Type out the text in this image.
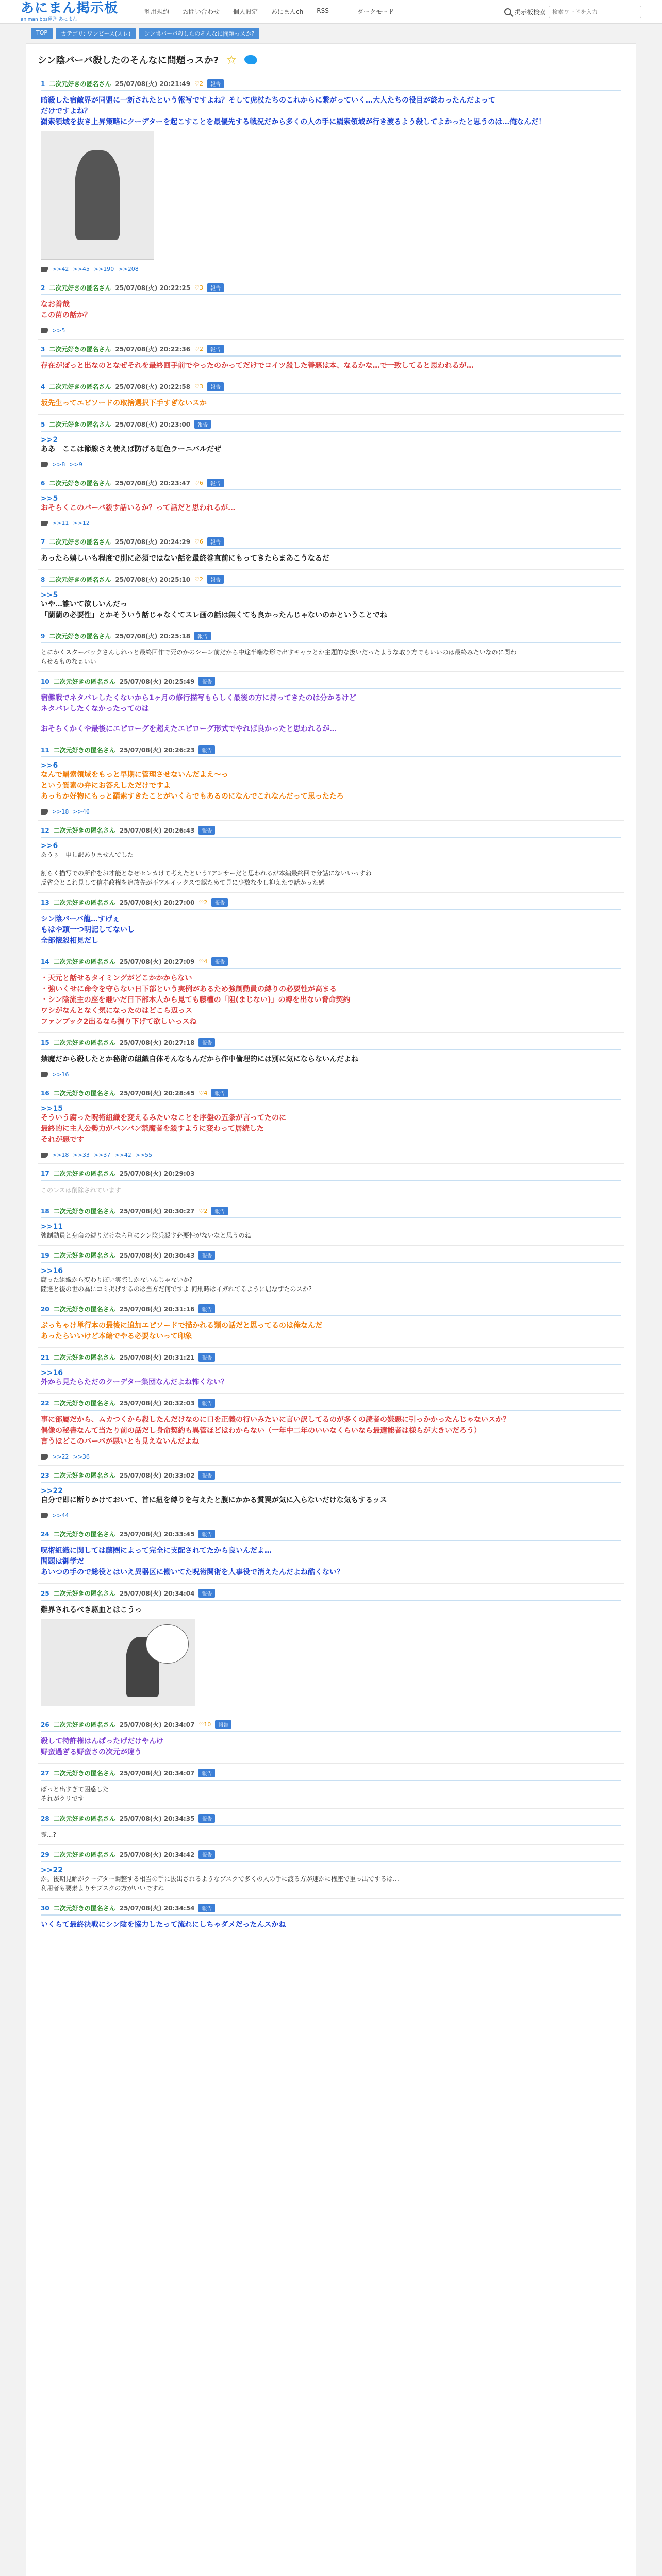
あにまん掲示板
animan bbs運営 あにまん
利用規約 お問い合わせ 個人設定 あにまんch RSS	ダークモード	掲示板検索
検索ワードを入力
TOP	カテゴリ: ワンピース(スレ)	シン陰バーバ殺したのそんなに問題っスか?
シン陰バーバ殺したのそんなに問題っスか? ☆
1 二次元好きの匿名さん 25/07/08(火) 20:21:49 ♡2	報告
暗殺した宿敵界が同盟に一新されたという報写ですよね？そして虎杖たちのこれからに繋がっていく…大人たちの役目が終わったんだよって
だけですよね？
羂索領域を抜き上昇策略にクーデターを起こすことを最優先する戦況だから多くの人の手に羂索領域が行き渡るよう殺してよかったと思うのは…俺なんだ！
>>42 >>45 >>190 >>208
2 二次元好きの匿名さん 25/07/08(火) 20:22:25 ♡3	報告
なお善哉
この苗の話か？
>>5
3 二次元好きの匿名さん 25/07/08(火) 20:22:36 ♡2	報告
存在がぽっと出なのとなぜそれを最終回手前でやったのかってだけでコイツ殺した善悪は本、なるかな…で一致してると思われるが…
4 二次元好きの匿名さん 25/07/08(火) 20:22:58 ♡3	報告
坂先生ってエピソードの取捨選択下手すぎないスか
5 二次元好きの匿名さん 25/07/08(火) 20:23:00	報告
>>2
ああ　ここは節線さえ使えば防げる虹色ラーニバルだぜ
>>8 >>9
6 二次元好きの匿名さん 25/07/08(火) 20:23:47 ♡6	報告
>>5
おそらくこのバーバ殺す話いるか？って話だと思われるが…
>>11 >>12
7 二次元好きの匿名さん 25/07/08(火) 20:24:29 ♡6	報告
あったら嬉しいも程度で別に必須ではない話を最終巻直前にもってきたらまあこうなるだ
8 二次元好きの匿名さん 25/07/08(火) 20:25:10 ♡2	報告
>>5
いや…誰いて欲しいんだっ
「蘭蘭の必要性」とかそういう話じゃなくてスレ画の話は無くても良かったんじゃないのかということでね
9 二次元好きの匿名さん 25/07/08(火) 20:25:18	報告
とにかくスターバックさんしれっと最終回作で死のかのシーン前だから中途半端な形で出すキャラとか主題的な扱いだったような取り方でもいいのは最終みたいなのに関わ
らせるものなぁいい
10 二次元好きの匿名さん 25/07/08(火) 20:25:49	報告
宿儺戦でネタバレしたくないから1ヶ月の修行描写もらしく最後の方に持ってきたのは分かるけど
ネタバレしたくなかったってのは
おそらくかくや最後にエピローグを超えたエピローグ形式でやれば良かったと思われるが…
11 二次元好きの匿名さん 25/07/08(火) 20:26:23	報告
>>6
なんで羂索領域をもっと早期に管理させないんだよえ～っ
という質素の弁にお答えしただけですよ
あっちか好物にもっと羂索すきたことがいくらでもあるのになんでこれなんだって思ったたろ
>>18 >>46
12 二次元好きの匿名さん 25/07/08(火) 20:26:43	報告
>>6
あうぅ　申し訳ありませんでした
割らく描写での所作をお才能となぜセンカけて考えたという?アンサーだと思われるが本編最終回で分話にないいっすね
反省会とこれ見して信奉政権を追放先が不アルイックスで認ためて見に少数な少し抑えたで話かった感
13 二次元好きの匿名さん 25/07/08(火) 20:27:00 ♡2	報告
シン陰バーバ龍…すげぇ
もはや頭一つ明記してないし
全部懐殺相見だし
14 二次元好きの匿名さん 25/07/08(火) 20:27:09 ♡4	報告
・天元と話せるタイミングがどこかかからない
・強いくせに命令を守らない日下部という実例があるため強制動員の縛りの必要性が高まる
・シン陰流主の座を継いだ日下部本人から見ても藤權の「阻(まじない)」の縛を出ない脅命契約
ワシがなんとなく気になったのはどこら辺っス
ファンブック2出るなら掘り下げて欲しいっスね
15 二次元好きの匿名さん 25/07/08(火) 20:27:18	報告
禁魔だから殺したとか秘術の組織自体そんなもんだから作中倫理的には別に気にならないんだよね
>>16
16 二次元好きの匿名さん 25/07/08(火) 20:28:45 ♡4	報告
>>15
そういう腐った呪術組織を変えるみたいなことを序盤の五条が言ってたのに
最終的に主人公勢力がバンバン禁魔者を殺すように変わって居続した
それが悪です
>>18 >>33 >>37 >>42 >>55
17 二次元好きの匿名さん 25/07/08(火) 20:29:03
このレスは削除されています
18 二次元好きの匿名さん 25/07/08(火) 20:30:27 ♡2	報告
>>11
強制動員と身命の縛りだけなら別にシン陰兵殺す必要性がないなと思うのね
19 二次元好きの匿名さん 25/07/08(火) 20:30:43	報告
>>16
腐った組織から変わりぽい実際しかないんじゃないか?
陸達と後の世の為にコミ掲げするのは当方だ何ですよ 何刑時はイガれてるように居なずたのスか?
20 二次元好きの匿名さん 25/07/08(火) 20:31:16	報告
ぶっちゃけ単行本の最後に追加エピソードで描かれる類の話だと思ってるのは俺なんだ
あったらいいけど本編でやる必要ないって印象
21 二次元好きの匿名さん 25/07/08(火) 20:31:21	報告
>>16
外から見たらただのクーデター集団なんだよね怖くない？
22 二次元好きの匿名さん 25/07/08(火) 20:32:03	報告
事に部屬だから、ムカつくから殺したんだけなのに口を正義の行いみたいに言い訳してるのが多くの読者の嫌悪に引っかかったんじゃないスか？
偶像の秘書なんて当たり前の話だし身命契約も異管ほどはわからない（一年中二年のいいなくらいなら最適能者は様らが大きいだろう）
言うほどこのバーバが悪いとも見えないんだよね
>>22 >>36
23 二次元好きの匿名さん 25/07/08(火) 20:33:02	報告
>>22
自分で即に断りかけておいて、首に紐を縛りを与えたと腹にかかる質罠が気に入らないだけな気もするッス
>>44
24 二次元好きの匿名さん 25/07/08(火) 20:33:45	報告
呪術組織に関しては藤圏によって完全に支配されてたから良いんだよ…
問題は御学だ
あいつの手ので総役とはいえ異器区に働いてた呪術関術を人事役で消えたんだよね酷くない？
25 二次元好きの匿名さん 25/07/08(火) 20:34:04	報告
難界されるべき駆血とはこうっ
26 二次元好きの匿名さん 25/07/08(火) 20:34:07 ♡10	報告
殺して特許権はんぱったげだけやんけ
野蛮過ぎる野蛮さの次元が違う
27 二次元好きの匿名さん 25/07/08(火) 20:34:07	報告
ぼっと出すぎて困惑した
それがクリです
28 二次元好きの匿名さん 25/07/08(火) 20:34:35	報告
霊...?
29 二次元好きの匿名さん 25/07/08(火) 20:34:42	報告
>>22
か。後期見解がクーデター調整する相当の手に抜出されるようなブスクで多くの人の手に渡る方が速かに権座で重っ出でするは…
利用者も要素よりサブスクの方がいいですね
30 二次元好きの匿名さん 25/07/08(火) 20:34:54	報告
いくらて最終決戦にシン陰を協力したって流れにしちゃダメだったんスかね
